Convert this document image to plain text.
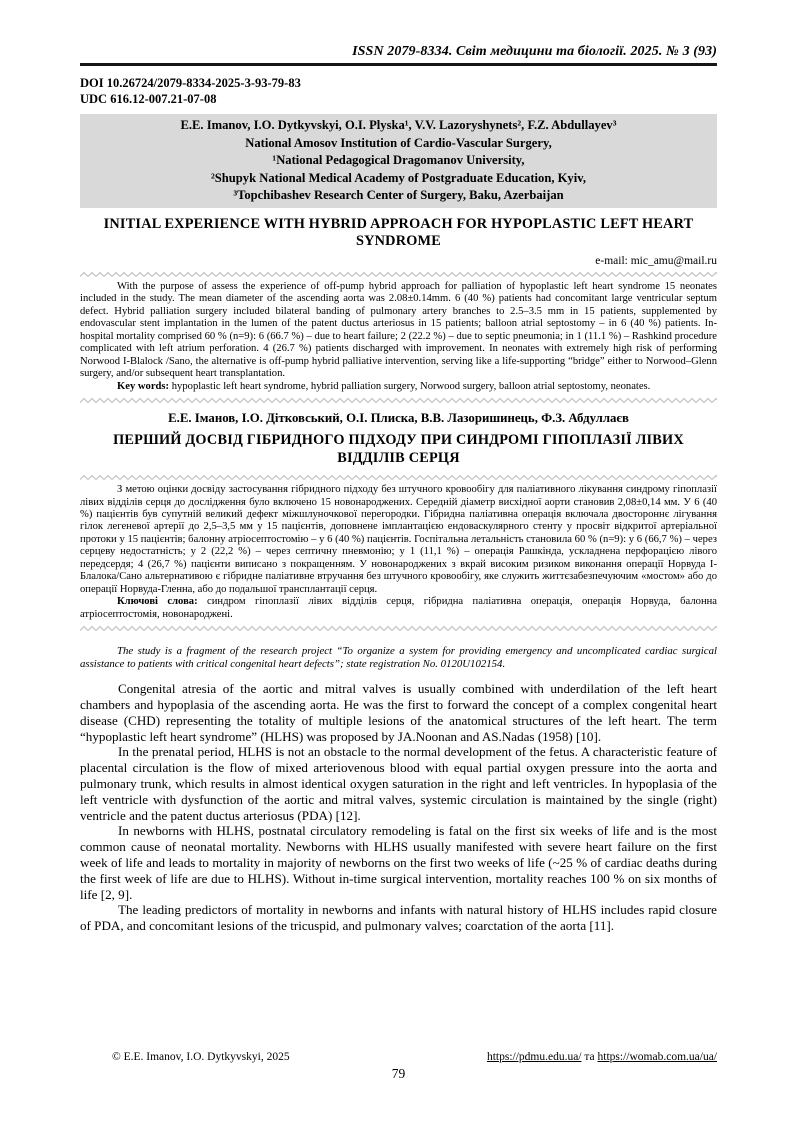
ISSN 2079-8334. Світ медицини та біології. 2025. № 3 (93)
DOI 10.26724/2079-8334-2025-3-93-79-83
UDC 616.12-007.21-07-08
E.E. Imanov, I.O. Dytkyvskyi, O.I. Plyska¹, V.V. Lazoryshynets², F.Z. Abdullayev³
National Amosov Institution of Cardio-Vascular Surgery,
¹National Pedagogical Dragomanov University,
²Shupyk National Medical Academy of Postgraduate Education, Kyiv,
³Topchibashev Research Center of Surgery, Baku, Azerbaijan
INITIAL EXPERIENCE WITH HYBRID APPROACH FOR HYPOPLASTIC LEFT HEART SYNDROME
e-mail: mic_amu@mail.ru

With the purpose of assess the experience of off-pump hybrid approach for palliation of hypoplastic left heart syndrome 15 neonates included in the study. The mean diameter of the ascending aorta was 2.08±0.14mm. 6 (40 %) patients had concomitant large ventricular septum defect. Hybrid palliation surgery included bilateral banding of pulmonary artery branches to 2.5–3.5 mm in 15 patients, supplemented by endovascular stent implantation in the lumen of the patent ductus arteriosus in 15 patients; balloon atrial septostomy – in 6 (40 %) patients. In-hospital mortality comprised 60 % (n=9): 6 (66.7 %) – due to heart failure; 2 (22.2 %) – due to septic pneumonia; in 1 (11.1 %) – Rashkind procedure complicated with left atrium perforation. 4 (26.7 %) patients discharged with improvement. In neonates with extremely high risk of performing Norwood I-Blalock /Sano, the alternative is off-pump hybrid palliative intervention, serving like a life-supporting “bridge” either to Norwood–Glenn surgery, and/or subsequent heart transplantation.

Key words: hypoplastic left heart syndrome, hybrid palliation surgery, Norwood surgery, balloon atrial septostomy, neonates.

Е.Е. Іманов, І.О. Дітковський, О.І. Плиска, В.В. Лазоришинець, Ф.З. Абдуллаєв
ПЕРШИЙ ДОСВІД ГІБРИДНОГО ПІДХОДУ ПРИ СИНДРОМІ ГІПОПЛАЗІЇ ЛІВИХ ВІДДІЛІВ СЕРЦЯ

З метою оцінки досвіду застосування гібридного підходу без штучного кровообігу для паліативного лікування синдрому гіпоплазії лівих відділів серця до дослідження було включено 15 новонароджених. Середній діаметр висхідної аорти становив 2,08±0,14 мм. У 6 (40 %) пацієнтів був супутній великий дефект міжшлуночкової перегородки. Гібридна паліативна операція включала двостороннє лігування гілок легеневої артерії до 2,5–3,5 мм у 15 пацієнтів, доповнене імплантацією ендоваскулярного стенту у просвіт відкритої артеріальної протоки у 15 пацієнтів; балонну атріосептостомію – у 6 (40 %) пацієнтів. Госпітальна летальність становила 60 % (n=9): у 6 (66,7 %) – через серцеву недостатність; у 2 (22,2 %) – через септичну пневмонію; у 1 (11,1 %) – операція Рашкінда, ускладнена перфорацією лівого передсердя; 4 (26,7 %) пацієнти виписано з покращенням. У новонароджених з вкрай високим ризиком виконання операції Норвуда І-Блалока/Сано альтернативою є гібридне паліативне втручання без штучного кровообігу, яке служить життєзабезпечуючим «мостом» або до операції Норвуда-Гленна, або до подальшої трансплантації серця.

Ключові слова: синдром гіпоплазії лівих відділів серця, гібридна паліативна операція, операція Норвуда, балонна атріосептостомія, новонароджені.

The study is a fragment of the research project “To organize a system for providing emergency and uncomplicated cardiac surgical assistance to patients with critical congenital heart defects”; state registration No. 0120U102154.

Congenital atresia of the aortic and mitral valves is usually combined with underdilation of the left heart chambers and hypoplasia of the ascending aorta. He was the first to forward the concept of a complex congenital heart disease (CHD) representing the totality of multiple lesions of the anatomical structures of the left heart. The term “hypoplastic left heart syndrome” (HLHS) was proposed by JA.Noonan and AS.Nadas (1958) [10].

In the prenatal period, HLHS is not an obstacle to the normal development of the fetus. A characteristic feature of placental circulation is the flow of mixed arteriovenous blood with equal partial oxygen pressure into the aorta and pulmonary trunk, which results in almost identical oxygen saturation in the right and left ventricles. In hypoplasia of the left ventricle with dysfunction of the aortic and mitral valves, systemic circulation is maintained by the single (right) ventricle and the patent ductus arteriosus (PDA) [12].

In newborns with HLHS, postnatal circulatory remodeling is fatal on the first six weeks of life and is the most common cause of neonatal mortality. Newborns with HLHS usually manifested with severe heart failure on the first week of life and leads to mortality in majority of newborns on the first two weeks of life (~25 % of cardiac deaths during the first week of life are due to HLHS). Without in-time surgical intervention, mortality reaches 100 % on six months of life [2, 9].

The leading predictors of mortality in newborns and infants with natural history of HLHS includes rapid closure of PDA, and concomitant lesions of the tricuspid, and pulmonary valves; coarctation of the aorta [11].

© E.E. Imanov, I.O. Dytkyvskyi, 2025	https://pdmu.edu.ua/ та https://womab.com.ua/ua/
79
